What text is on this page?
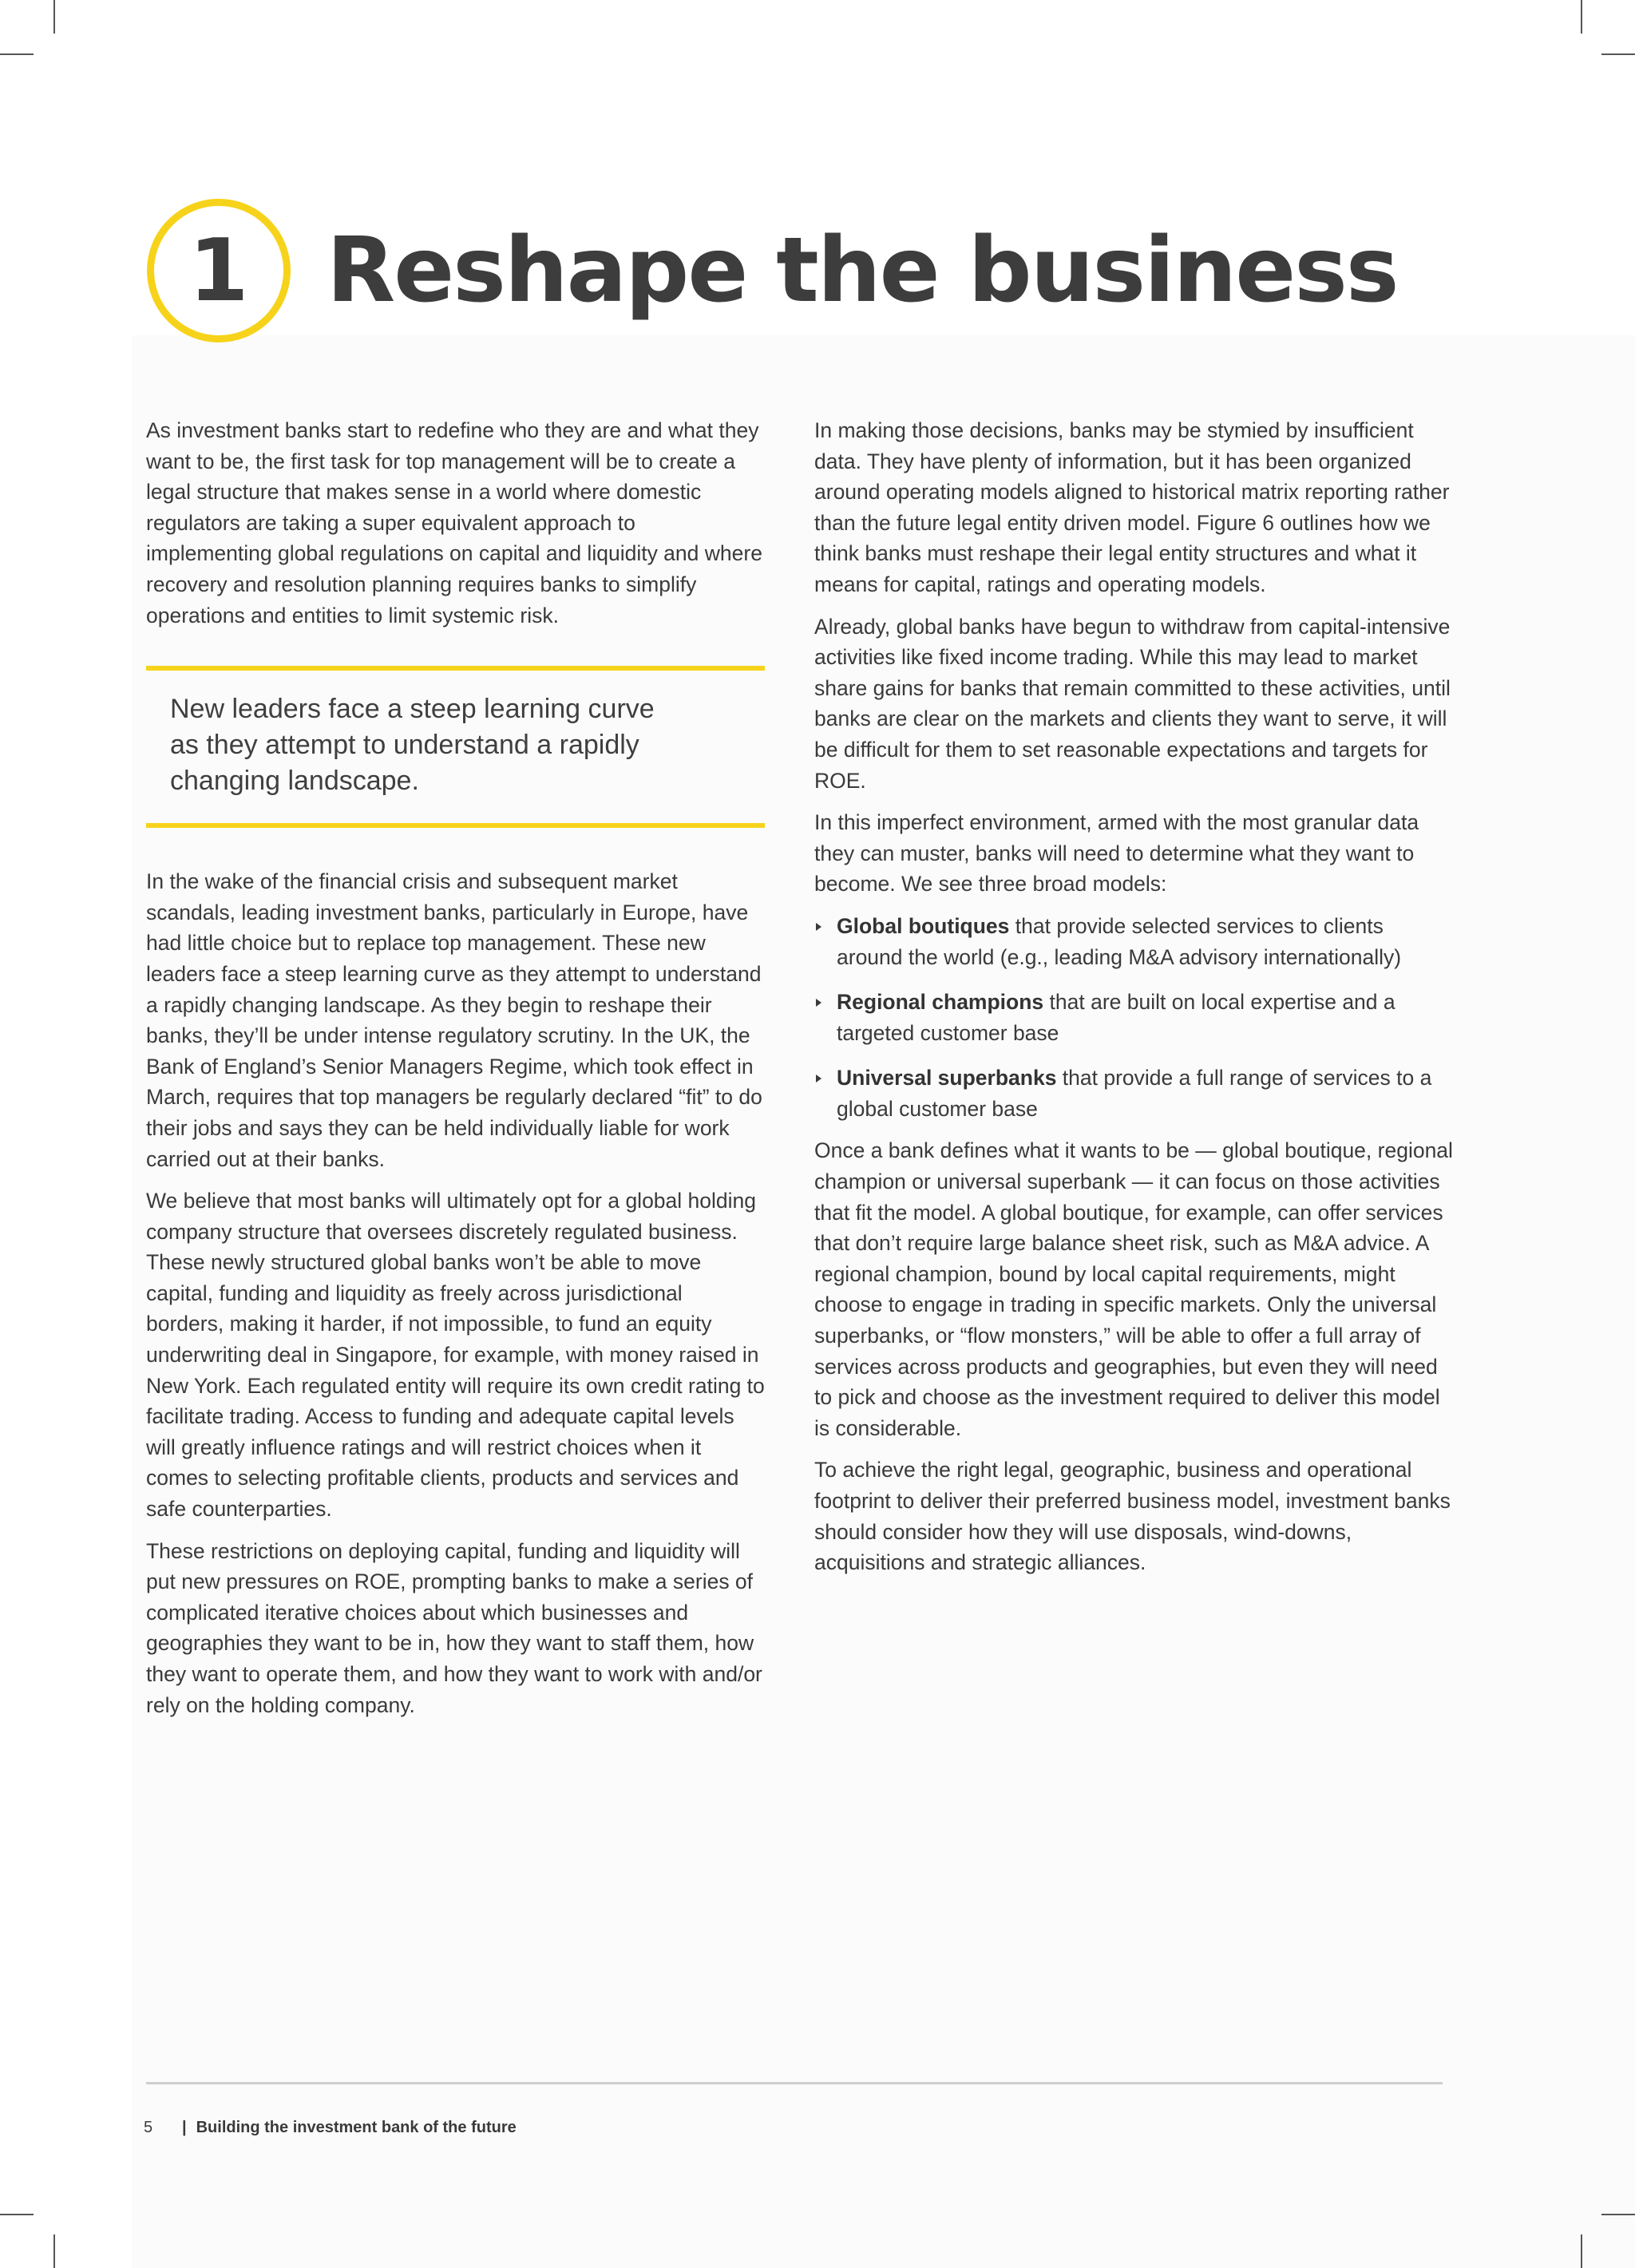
1 Reshape the business

As investment banks start to redefine who they are and what they want to be, the first task for top management will be to create a legal structure that makes sense in a world where domestic regulators are taking a super equivalent approach to implementing global regulations on capital and liquidity and where recovery and resolution planning requires banks to simplify operations and entities to limit systemic risk.

New leaders face a steep learning curve as they attempt to understand a rapidly changing landscape.

In the wake of the financial crisis and subsequent market scandals, leading investment banks, particularly in Europe, have had little choice but to replace top management. These new leaders face a steep learning curve as they attempt to understand a rapidly changing landscape. As they begin to reshape their banks, they’ll be under intense regulatory scrutiny. In the UK, the Bank of England’s Senior Managers Regime, which took effect in March, requires that top managers be regularly declared “fit” to do their jobs and says they can be held individually liable for work carried out at their banks.

We believe that most banks will ultimately opt for a global holding company structure that oversees discretely regulated business. These newly structured global banks won’t be able to move capital, funding and liquidity as freely across jurisdictional borders, making it harder, if not impossible, to fund an equity underwriting deal in Singapore, for example, with money raised in New York. Each regulated entity will require its own credit rating to facilitate trading. Access to funding and adequate capital levels will greatly influence ratings and will restrict choices when it comes to selecting profitable clients, products and services and safe counterparties.

These restrictions on deploying capital, funding and liquidity will put new pressures on ROE, prompting banks to make a series of complicated iterative choices about which businesses and geographies they want to be in, how they want to staff them, how they want to operate them, and how they want to work with and/or rely on the holding company.

In making those decisions, banks may be stymied by insufficient data. They have plenty of information, but it has been organized around operating models aligned to historical matrix reporting rather than the future legal entity driven model. Figure 6 outlines how we think banks must reshape their legal entity structures and what it means for capital, ratings and operating models.

Already, global banks have begun to withdraw from capital-intensive activities like fixed income trading. While this may lead to market share gains for banks that remain committed to these activities, until banks are clear on the markets and clients they want to serve, it will be difficult for them to set reasonable expectations and targets for ROE.

In this imperfect environment, armed with the most granular data they can muster, banks will need to determine what they want to become. We see three broad models:

Global boutiques that provide selected services to clients around the world (e.g., leading M&A advisory internationally)
Regional champions that are built on local expertise and a targeted customer base
Universal superbanks that provide a full range of services to a global customer base

Once a bank defines what it wants to be — global boutique, regional champion or universal superbank — it can focus on those activities that fit the model. A global boutique, for example, can offer services that don’t require large balance sheet risk, such as M&A advice. A regional champion, bound by local capital requirements, might choose to engage in trading in specific markets. Only the universal superbanks, or “flow monsters,” will be able to offer a full array of services across products and geographies, but even they will need to pick and choose as the investment required to deliver this model is considerable.

To achieve the right legal, geographic, business and operational footprint to deliver their preferred business model, investment banks should consider how they will use disposals, wind-downs, acquisitions and strategic alliances.

5 | Building the investment bank of the future
